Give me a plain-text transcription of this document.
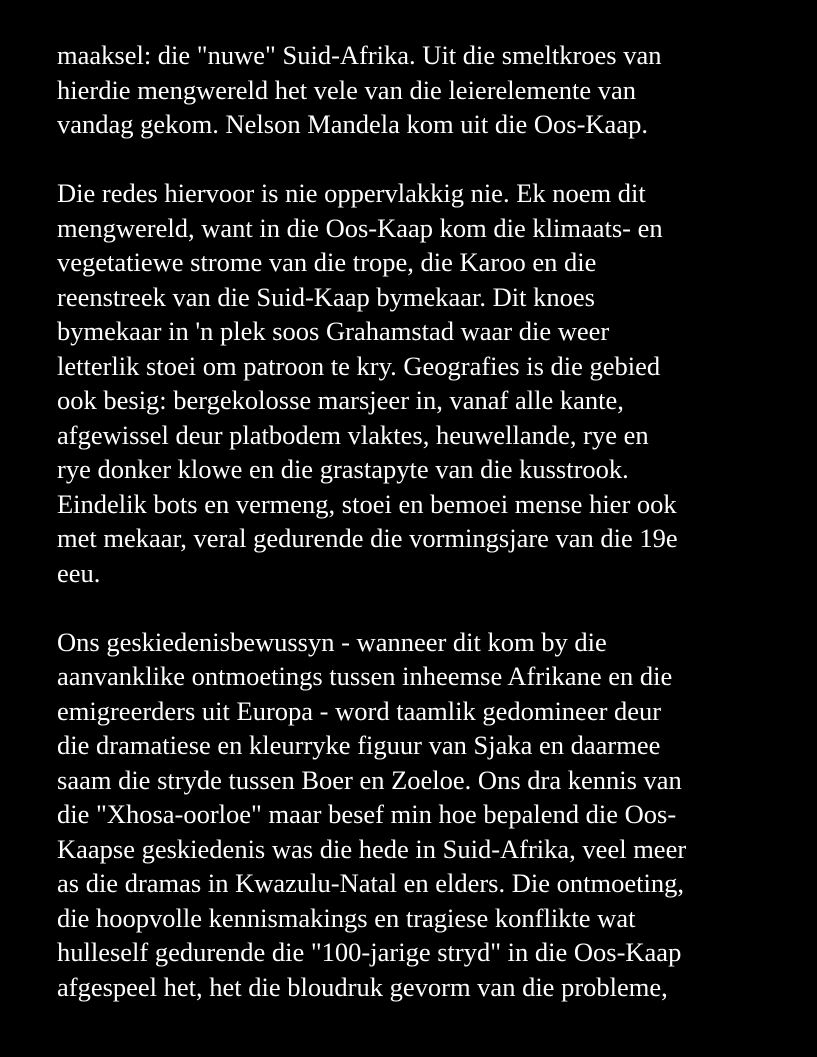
maaksel: die "nuwe" Suid-Afrika. Uit die smeltkroes van
hierdie mengwereld het vele van die leierelemente van
vandag gekom. Nelson Mandela kom uit die Oos-Kaap.
Die redes hiervoor is nie oppervlakkig nie. Ek noem dit
mengwereld, want in die Oos-Kaap kom die klimaats- en
vegetatiewe strome van die trope, die Karoo en die
reenstreek van die Suid-Kaap bymekaar. Dit knoes
bymekaar in 'n plek soos Grahamstad waar die weer
letterlik stoei om patroon te kry. Geografies is die gebied
ook besig: bergekolosse marsjeer in, vanaf alle kante,
afgewissel deur platbodem vlaktes, heuwellande, rye en
rye donker klowe en die grastapyte van die kusstrook.
Eindelik bots en vermeng, stoei en bemoei mense hier ook
met mekaar, veral gedurende die vormingsjare van die 19e
eeu.
Ons geskiedenisbewussyn - wanneer dit kom by die
aanvanklike ontmoetings tussen inheemse Afrikane en die
emigreerders uit Europa - word taamlik gedomineer deur
die dramatiese en kleurryke figuur van Sjaka en daarmee
saam die stryde tussen Boer en Zoeloe. Ons dra kennis van
die "Xhosa-oorloe" maar besef min hoe bepalend die Oos-
Kaapse geskiedenis was die hede in Suid-Afrika, veel meer
as die dramas in Kwazulu-Natal en elders. Die ontmoeting,
die hoopvolle kennismakings en tragiese konflikte wat
hulleself gedurende die "100-jarige stryd" in die Oos-Kaap
afgespeel het, het die bloudruk gevorm van die probleme,
